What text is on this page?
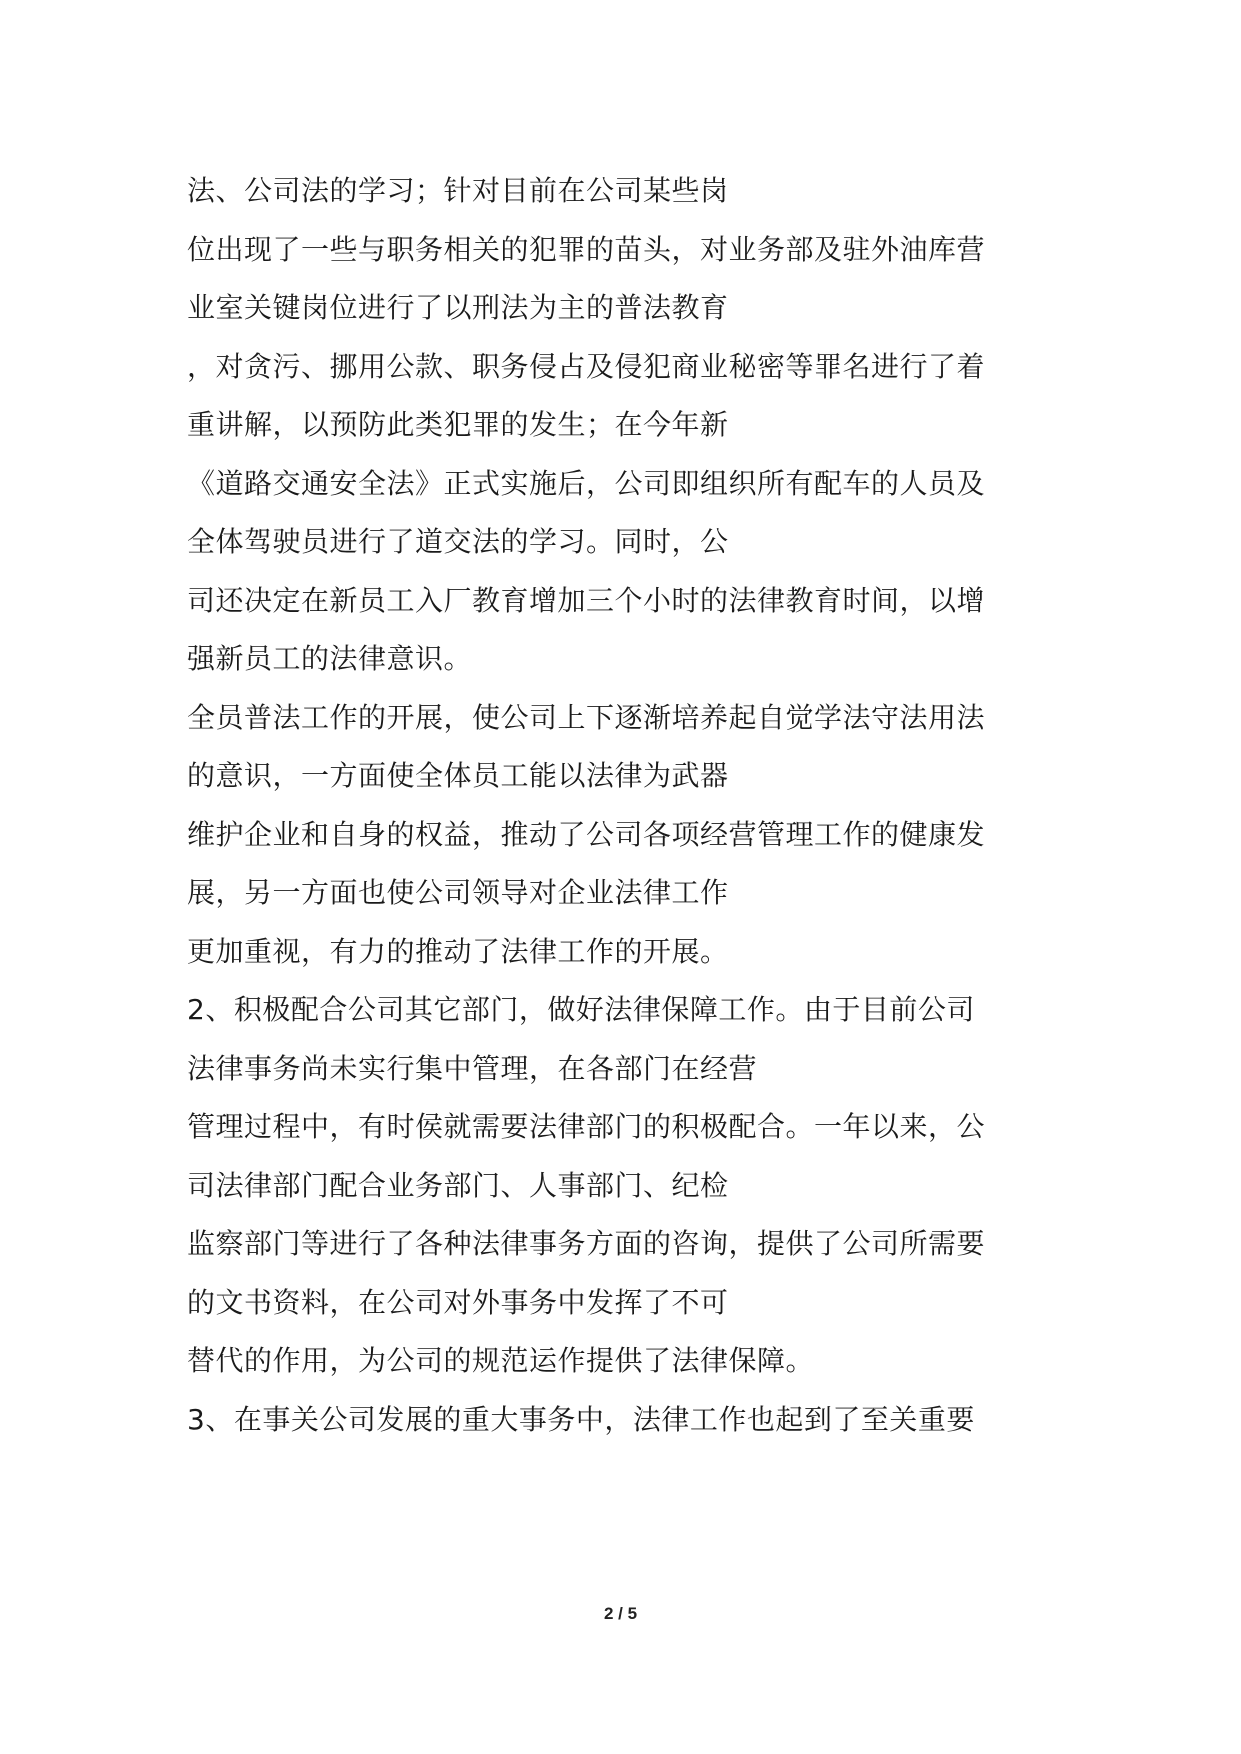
法、公司法的学习；针对目前在公司某些岗
位出现了一些与职务相关的犯罪的苗头，对业务部及驻外油库营
业室关键岗位进行了以刑法为主的普法教育
，对贪污、挪用公款、职务侵占及侵犯商业秘密等罪名进行了着
重讲解，以预防此类犯罪的发生；在今年新
《道路交通安全法》正式实施后，公司即组织所有配车的人员及
全体驾驶员进行了道交法的学习。同时，公
司还决定在新员工入厂教育增加三个小时的法律教育时间，以增
强新员工的法律意识。
全员普法工作的开展，使公司上下逐渐培养起自觉学法守法用法
的意识，一方面使全体员工能以法律为武器
维护企业和自身的权益，推动了公司各项经营管理工作的健康发
展，另一方面也使公司领导对企业法律工作
更加重视，有力的推动了法律工作的开展。
2、积极配合公司其它部门，做好法律保障工作。由于目前公司
法律事务尚未实行集中管理，在各部门在经营
管理过程中，有时侯就需要法律部门的积极配合。一年以来，公
司法律部门配合业务部门、人事部门、纪检
监察部门等进行了各种法律事务方面的咨询，提供了公司所需要
的文书资料，在公司对外事务中发挥了不可
替代的作用，为公司的规范运作提供了法律保障。
3、在事关公司发展的重大事务中，法律工作也起到了至关重要
2 / 5
